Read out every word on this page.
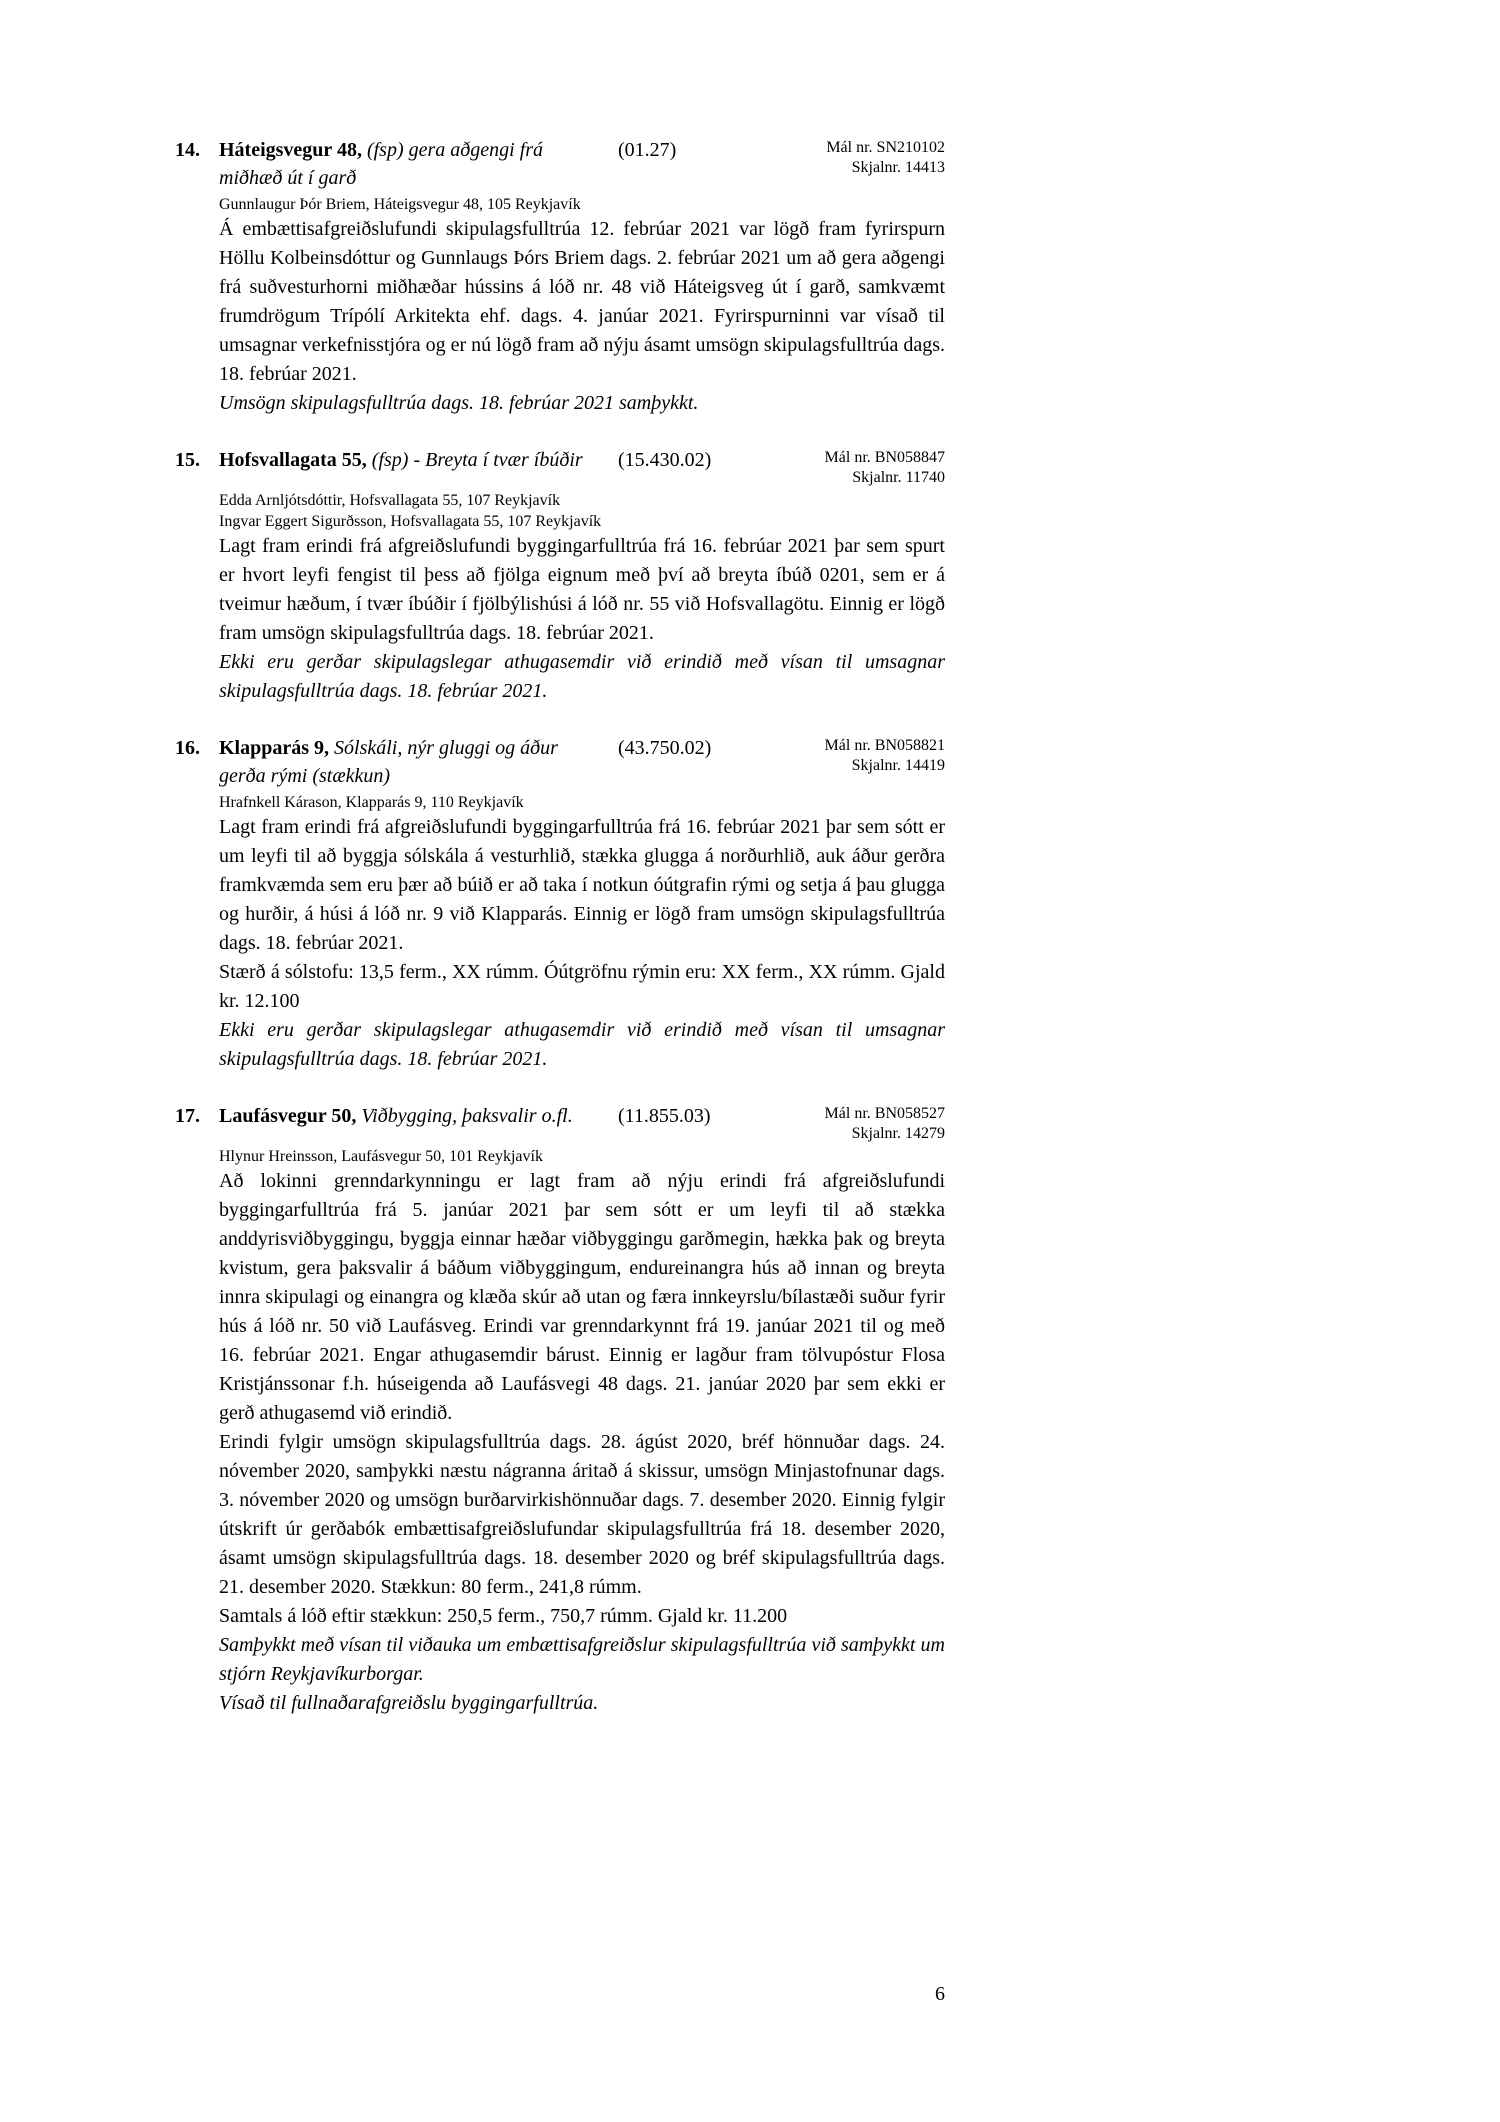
14. Háteigsvegur 48, (fsp) gera aðgengi frá miðhæð út í garð
(01.27)	Mál nr. SN210102
Skjalnr. 14413
Gunnlaugur Þór Briem, Háteigsvegur 48, 105 Reykjavík
Á embættisafgreiðslufundi skipulagsfulltrúa 12. febrúar 2021 var lögð fram fyrirspurn Höllu Kolbeinsdóttur og Gunnlaugs Þórs Briem dags. 2. febrúar 2021 um að gera aðgengi frá suðvesturhorni miðhæðar hússins á lóð nr. 48 við Háteigsveg út í garð, samkvæmt frumdrögum Trípólí Arkitekta ehf. dags. 4. janúar 2021. Fyrirspurninni var vísað til umsagnar verkefnisstjóra og er nú lögð fram að nýju ásamt umsögn skipulagsfulltrúa dags. 18. febrúar 2021.
Umsögn skipulagsfulltrúa dags. 18. febrúar 2021 samþykkt.
15. Hofsvallagata 55, (fsp) - Breyta í tvær íbúðir	(15.430.02)	Mál nr. BN058847
Skjalnr. 11740
Edda Arnljótsdóttir, Hofsvallagata 55, 107 Reykjavík
Ingvar Eggert Sigurðsson, Hofsvallagata 55, 107 Reykjavík
Lagt fram erindi frá afgreiðslufundi byggingarfulltrúa frá 16. febrúar 2021 þar sem spurt er hvort leyfi fengist til þess að fjölga eignum með því að breyta íbúð 0201, sem er á tveimur hæðum, í tvær íbúðir í fjölbýlishúsi á lóð nr. 55 við Hofsvallagötu. Einnig er lögð fram umsögn skipulagsfulltrúa dags. 18. febrúar 2021.
Ekki eru gerðar skipulagslegar athugasemdir við erindið með vísan til umsagnar skipulagsfulltrúa dags. 18. febrúar 2021.
16. Klapparás 9, Sólskáli, nýr gluggi og áður gerða rými (stækkun)
(43.750.02)	Mál nr. BN058821
Skjalnr. 14419
Hrafnkell Kárason, Klapparás 9, 110 Reykjavík
Lagt fram erindi frá afgreiðslufundi byggingarfulltrúa frá 16. febrúar 2021 þar sem sótt er um leyfi til að byggja sólskála á vesturhlið, stækka glugga á norðurhlið, auk áður gerðra framkvæmda sem eru þær að búið er að taka í notkun óútgrafin rými og setja á þau glugga og hurðir, á húsi á lóð nr. 9 við Klapparás. Einnig er lögð fram umsögn skipulagsfulltrúa dags. 18. febrúar 2021.
Stærð á sólstofu: 13,5 ferm., XX rúmm. Óútgröfnu rýmin eru: XX ferm., XX rúmm. Gjald kr. 12.100
Ekki eru gerðar skipulagslegar athugasemdir við erindið með vísan til umsagnar skipulagsfulltrúa dags. 18. febrúar 2021.
17. Laufásvegur 50, Viðbygging, þaksvalir o.fl.	(11.855.03)	Mál nr. BN058527
Skjalnr. 14279
Hlynur Hreinsson, Laufásvegur 50, 101 Reykjavík
Að lokinni grenndarkynningu er lagt fram að nýju erindi frá afgreiðslufundi byggingarfulltrúa frá 5. janúar 2021 þar sem sótt er um leyfi til að stækka anddyrisviðbyggingu, byggja einnar hæðar viðbyggingu garðmegin, hækka þak og breyta kvistum, gera þaksvalir á báðum viðbyggingum, endureinangra hús að innan og breyta innra skipulagi og einangra og klæða skúr að utan og færa innkeyrslu/bílastæði suður fyrir hús á lóð nr. 50 við Laufásveg. Erindi var grenndarkynnt frá 19. janúar 2021 til og með 16. febrúar 2021. Engar athugasemdir bárust. Einnig er lagður fram tölvupóstur Flosa Kristjánssonar f.h. húseigenda að Laufásvegi 48 dags. 21. janúar 2020 þar sem ekki er gerð athugasemd við erindið.
Erindi fylgir umsögn skipulagsfulltrúa dags. 28. ágúst 2020, bréf hönnuðar dags. 24. nóvember 2020, samþykki næstu nágranna áritað á skissur, umsögn Minjastofnunar dags. 3. nóvember 2020 og umsögn burðarvirkishönnuðar dags. 7. desember 2020. Einnig fylgir útskrift úr gerðabók embættisafgreiðslufundar skipulagsfulltrúa frá 18. desember 2020, ásamt umsögn skipulagsfulltrúa dags. 18. desember 2020 og bréf skipulagsfulltrúa dags. 21. desember 2020. Stækkun: 80 ferm., 241,8 rúmm.
Samtals á lóð eftir stækkun: 250,5 ferm., 750,7 rúmm. Gjald kr. 11.200
Samþykkt með vísan til viðauka um embættisafgreiðslur skipulagsfulltrúa við samþykkt um stjórn Reykjavíkurborgar.
Vísað til fullnaðarafgreiðslu byggingarfulltrúa.
6
